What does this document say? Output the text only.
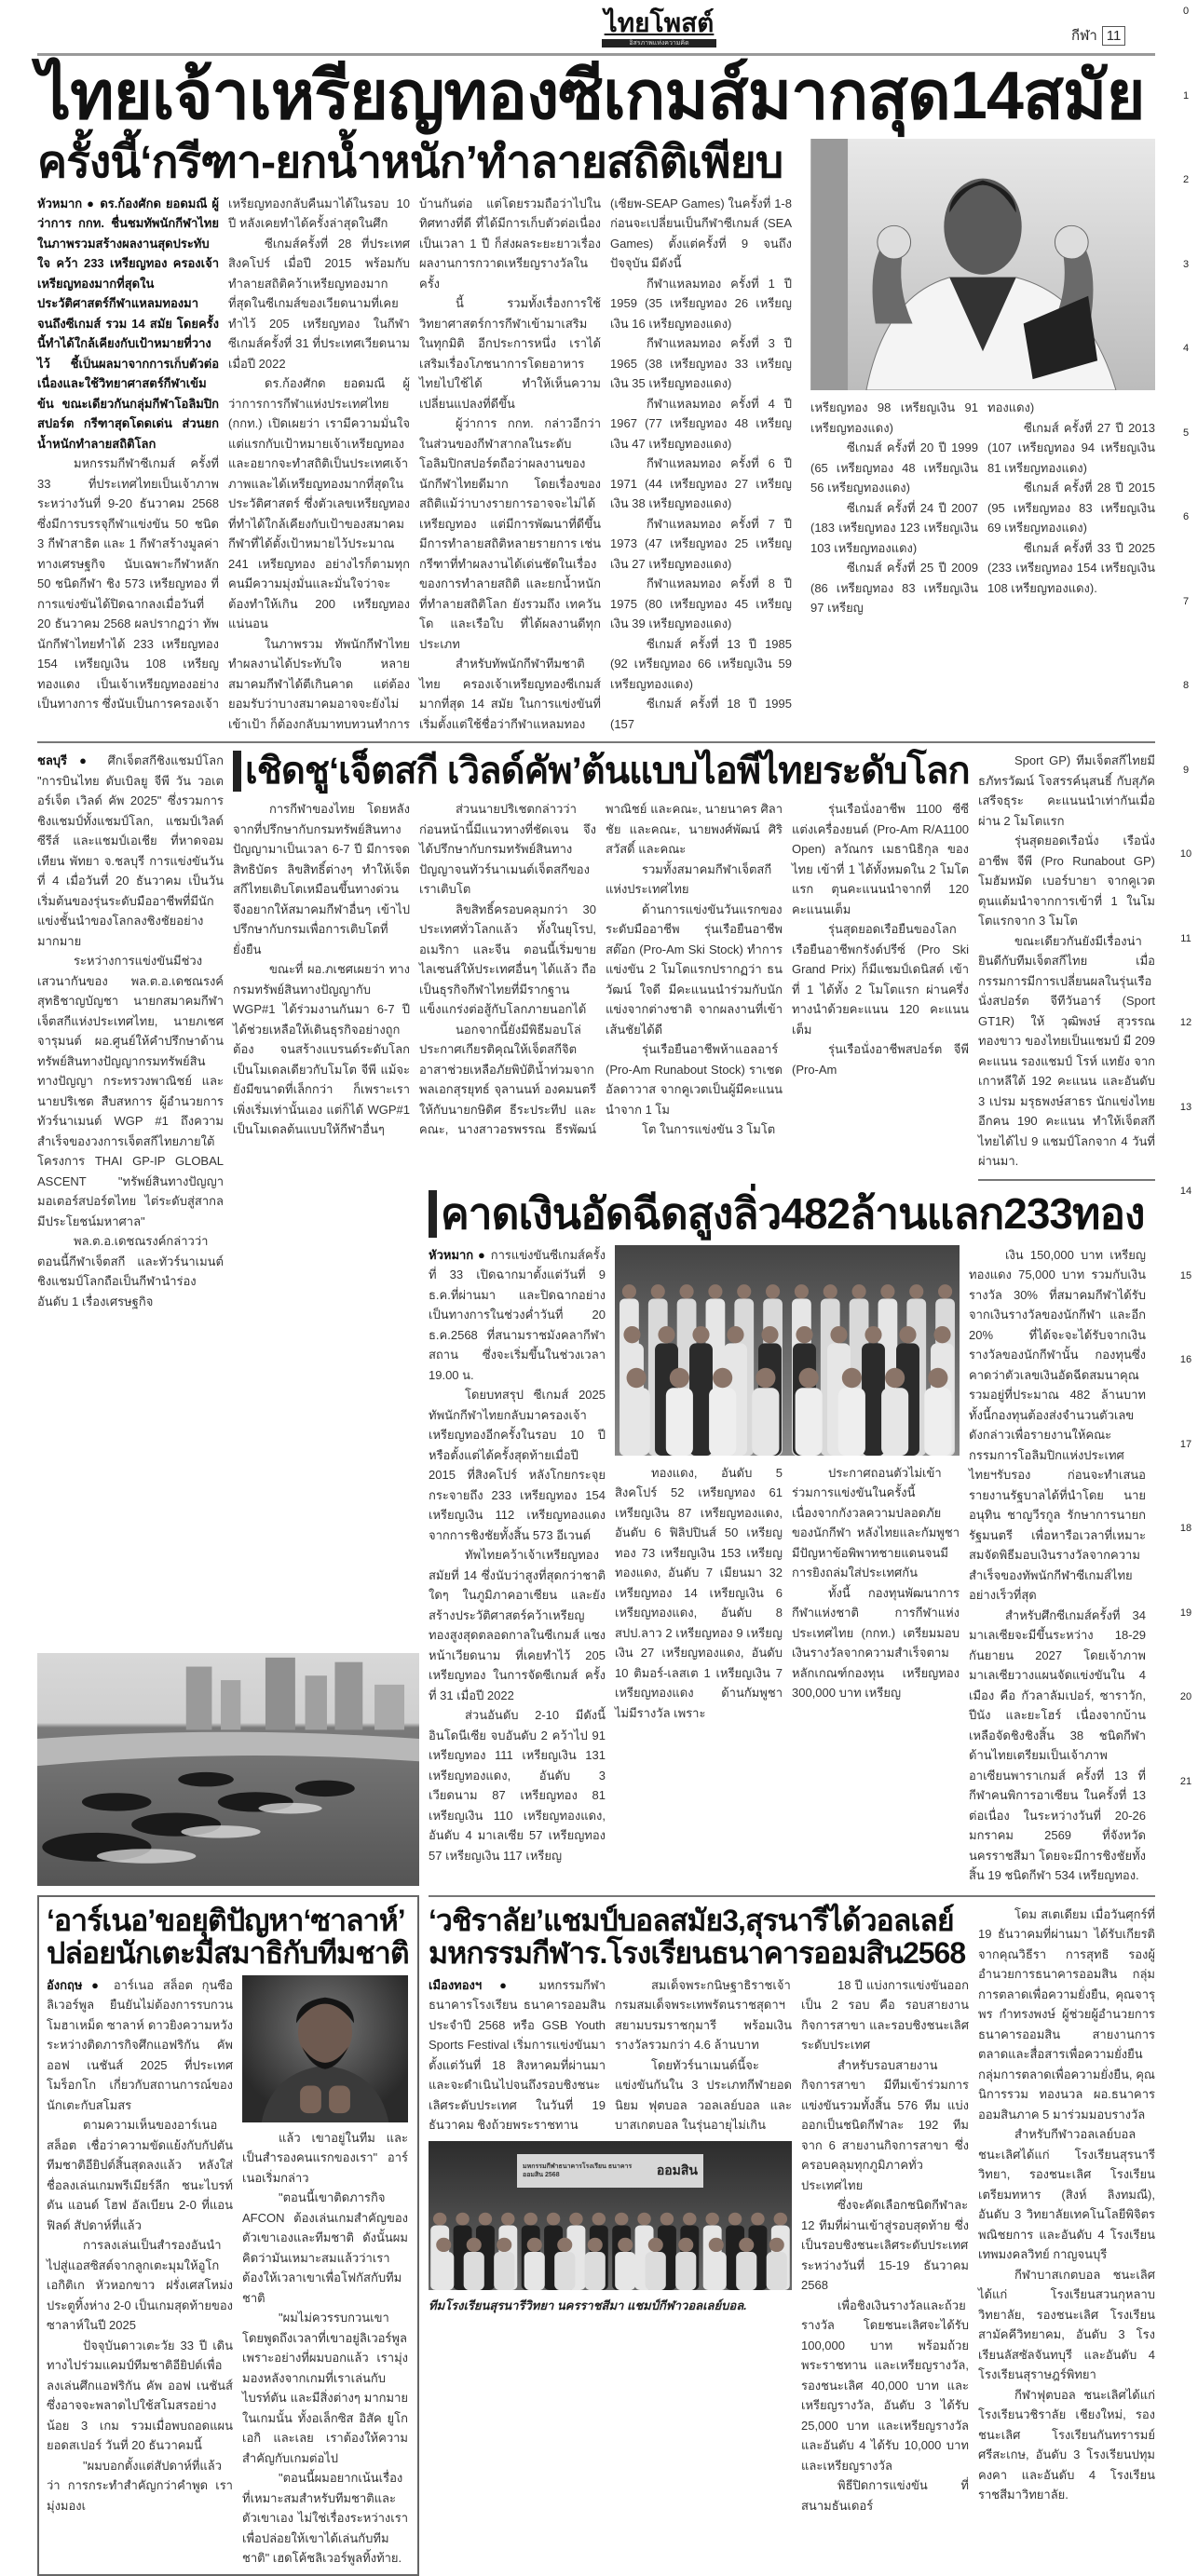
0
1
2
3
4
5
6
7
8
9
10
11
12
13
14
15
16
17
18
19
20
21
ไทยโพสต์
อิสรภาพแห่งความคิด	กีฬา 11
ไทยเจ้าเหรียญทองซีเกมส์มากสุด14สมัย
ครั้งนี้‘กรีฑา-ยกน้ำหนัก’ทำลายสถิติเพียบ

หัวหมาก ● ดร.ก้องศักด ยอดมณี ผู้ว่าการ กกท. ชื่นชมทัพนักกีฬาไทยในภาพรวมสร้างผลงานสุดประทับใจ คว้า 233 เหรียญทอง ครองเจ้าเหรียญทองมากที่สุดในประวัติศาสตร์กีฬาแหลมทองมาจนถึงซีเกมส์ รวม 14 สมัย โดยครั้งนี้ทำได้ใกล้เคียงกับเป้าหมายที่วางไว้ ชี้เป็นผลมาจากการเก็บตัวต่อเนื่องและใช้วิทยาศาสตร์กีฬาเข้มข้น ขณะเดียวกันกลุ่มกีฬาโอลิมปิกสปอร์ต กรีฑาสุดโดดเด่น ส่วนยกน้ำหนักทำลายสถิติโลก

มหกรรมกีฬาซีเกมส์ ครั้งที่ 33 ที่ประเทศไทยเป็นเจ้าภาพ ระหว่างวันที่ 9-20 ธันวาคม 2568 ซึ่งมีการบรรจุกีฬาแข่งขัน 50 ชนิด 3 กีฬาสาธิต และ 1 กีฬาสร้างมูลค่าทางเศรษฐกิจ นับเฉพาะกีฬาหลัก 50 ชนิดกีฬา ชิง 573 เหรียญทอง ที่การแข่งขันได้ปิดฉากลงเมื่อวันที่ 20 ธันวาคม 2568 ผลปรากฏว่า ทัพนักกีฬาไทยทำได้ 233 เหรียญทอง 154 เหรียญเงิน 108 เหรียญทองแดง เป็นเจ้าเหรียญทองอย่างเป็นทางการ ซึ่งนับเป็นการครองเจ้าเหรียญทองกลับคืนมาได้ในรอบ 10 ปี หลังเคยทำได้ครั้งล่าสุดในศึก

ซีเกมส์ครั้งที่ 28 ที่ประเทศสิงคโปร์ เมื่อปี 2015 พร้อมกับทำลายสถิติคว้าเหรียญทองมากที่สุดในซีเกมส์ของเวียดนามที่เคยทำไว้ 205 เหรียญทอง ในกีฬาซีเกมส์ครั้งที่ 31 ที่ประเทศเวียดนาม เมื่อปี 2022

ดร.ก้องศักด ยอดมณี ผู้ว่าการการกีฬาแห่งประเทศไทย (กกท.) เปิดเผยว่า เรามีความมั่นใจแต่แรกกับเป้าหมายเจ้าเหรียญทอง และอยากจะทำสถิติเป็นประเทศเจ้าภาพและได้เหรียญทองมากที่สุดในประวัติศาสตร์ ซึ่งตัวเลขเหรียญทองที่ทำได้ใกล้เคียงกับเป้าของสมาคมกีฬาที่ได้ตั้งเป้าหมายไว้ประมาณ 241 เหรียญทอง อย่างไรก็ตามทุกคนมีความมุ่งมั่นและมั่นใจว่าจะต้องทำให้เกิน 200 เหรียญทองแน่นอน

ในภาพรวม ทัพนักกีฬาไทยทำผลงานได้ประทับใจ หลายสมาคมกีฬาได้ตีเกินคาด แต่ต้องยอมรับว่าบางสมาคมอาจจะยังไม่เข้าเป้า ก็ต้องกลับมาทบทวนทำการบ้านกันต่อ แต่โดยรวมถือว่าไปในทิศทางที่ดี ที่ได้มีการเก็บตัวต่อเนื่องเป็นเวลา 1 ปี ก็ส่งผลระยะยาวเรื่องผลงานการกวาดเหรียญรางวัลในครั้ง

นี้ รวมทั้งเรื่องการใช้วิทยาศาสตร์การกีฬาเข้ามาเสริมในทุกมิติ อีกประการหนึ่ง เราได้เสริมเรื่องโภชนาการโดยอาหารไทยไปใช้ได้ ทำให้เห็นความเปลี่ยนแปลงที่ดีขึ้น

ผู้ว่าการ กกท. กล่าวอีกว่า ในส่วนของกีฬาสากลในระดับโอลิมปิกสปอร์ตถือว่าผลงานของนักกีฬาไทยดีมาก โดยเรื่องของสถิติแม้ว่าบางรายการอาจจะไม่ได้เหรียญทอง แต่มีการพัฒนาที่ดีขึ้น มีการทำลายสถิติหลายรายการ เช่น กรีฑาที่ทำผลงานได้เด่นชัดในเรื่องของการทำลายสถิติ และยกน้ำหนักที่ทำลายสถิติโลก ยังรวมถึง เทควันโด และเรือใบ ที่ได้ผลงานดีทุกประเภท

สำหรับทัพนักกีฬาทีมชาติไทย ครองเจ้าเหรียญทองซีเกมส์มากที่สุด 14 สมัย ในการแข่งขันที่เริ่มตั้งแต่ใช้ชื่อว่ากีฬาแหลมทอง (เซียพ-SEAP Games) ในครั้งที่ 1-8 ก่อนจะเปลี่ยนเป็นกีฬาซีเกมส์ (SEA Games) ตั้งแต่ครั้งที่ 9 จนถึงปัจจุบัน มีดังนี้

กีฬาแหลมทอง ครั้งที่ 1 ปี 1959 (35 เหรียญทอง 26 เหรียญเงิน 16 เหรียญทองแดง)

กีฬาแหลมทอง ครั้งที่ 3 ปี 1965 (38 เหรียญทอง 33 เหรียญเงิน 35 เหรียญทองแดง)

กีฬาแหลมทอง ครั้งที่ 4 ปี 1967 (77 เหรียญทอง 48 เหรียญเงิน 47 เหรียญทองแดง)

กีฬาแหลมทอง ครั้งที่ 6 ปี 1971 (44 เหรียญทอง 27 เหรียญเงิน 38 เหรียญทองแดง)

กีฬาแหลมทอง ครั้งที่ 7 ปี 1973 (47 เหรียญทอง 25 เหรียญเงิน 27 เหรียญทองแดง)

กีฬาแหลมทอง ครั้งที่ 8 ปี 1975 (80 เหรียญทอง 45 เหรียญเงิน 39 เหรียญทองแดง)

ซีเกมส์ ครั้งที่ 13 ปี 1985 (92 เหรียญทอง 66 เหรียญเงิน 59 เหรียญทองแดง)

ซีเกมส์ ครั้งที่ 18 ปี 1995 (157

เหรียญทอง 98 เหรียญเงิน 91 เหรียญทองแดง)

ซีเกมส์ ครั้งที่ 20 ปี 1999 (65 เหรียญทอง 48 เหรียญเงิน 56 เหรียญทองแดง)

ซีเกมส์ ครั้งที่ 24 ปี 2007 (183 เหรียญทอง 123 เหรียญเงิน 103 เหรียญทองแดง)

ซีเกมส์ ครั้งที่ 25 ปี 2009 (86 เหรียญทอง 83 เหรียญเงิน 97 เหรียญ

ทองแดง)

ซีเกมส์ ครั้งที่ 27 ปี 2013 (107 เหรียญทอง 94 เหรียญเงิน 81 เหรียญทองแดง)

ซีเกมส์ ครั้งที่ 28 ปี 2015 (95 เหรียญทอง 83 เหรียญเงิน 69 เหรียญทองแดง)

ซีเกมส์ ครั้งที่ 33 ปี 2025 (233 เหรียญทอง 154 เหรียญเงิน 108 เหรียญทองแดง).

ชลบุรี ● ศึกเจ็ตสกีชิงแชมป์โลก "การบินไทย ดับเบิลยู จีพี วัน วอเตอร์เจ็ต เวิลด์ คัพ 2025" ซึ่งรวมการชิงแชมป์ทั้งแชมป์โลก, แชมป์เวิลด์ ซีรีส์ และแชมป์เอเชีย ที่หาดจอมเทียน พัทยา จ.ชลบุรี การแข่งขันวันที่ 4 เมื่อวันที่ 20 ธันวาคม เป็นวันเริ่มต้นของรุ่นระดับมืออาชีพที่มีนักแข่งชั้นนำของโลกลงชิงชัยอย่างมากมาย

ระหว่างการแข่งขันมีช่วงเสวนากันของ พล.ต.อ.เดชณรงค์ สุทธิชาญบัญชา นายกสมาคมกีฬาเจ็ตสกีแห่งประเทศไทย, นายภเชศ จารุมนต์ ผอ.ศูนย์ให้คำปรึกษาด้านทรัพย์สินทางปัญญากรมทรัพย์สินทางปัญญา กระทรวงพาณิชย์ และนายปริเชต สืบสหการ ผู้อำนวยการทัวร์นาเมนต์ WGP #1 ถึงความ สำเร็จของวงการเจ็ตสกีไทยภายใต้โครงการ THAI GP-IP GLOBAL ASCENT "ทรัพย์สินทางปัญญามอเตอร์สปอร์ตไทย ไต่ระดับสู่สากล มีประโยชน์มหาศาล"

พล.ต.อ.เดชณรงค์กล่าวว่า ตอนนี้กีฬาเจ็ตสกี และทัวร์นาเมนต์ชิงแชมป์โลกถือเป็นกีฬานำร่องอันดับ 1 เรื่องเศรษฐกิจ

เชิดชู‘เจ็ตสกี เวิลด์คัพ’ต้นแบบไอพีไทยระดับโลก

การกีฬาของไทย โดยหลังจากที่ปรึกษากับกรมทรัพย์สินทางปัญญามาเป็นเวลา 6-7 ปี มีการจดสิทธิบัตร ลิขสิทธิ์ต่างๆ ทำให้เจ็ตสกีไทยเติบโตเหมือนขึ้นทางด่วน จึงอยากให้สมาคมกีฬาอื่นๆ เข้าไปปรึกษากับกรมเพื่อการเติบโตที่ยั่งยืน

ขณะที่ ผอ.ภเชศเผยว่า ทางกรมทรัพย์สินทางปัญญากับ WGP#1 ได้ร่วมงานกันมา 6-7 ปี ได้ช่วยเหลือให้เดินธุรกิจอย่างถูกต้อง จนสร้างแบรนด์ระดับโลก เป็นโมเดลเดียวกับโมโต จีพี แม้จะยังมีขนาดที่เล็กกว่า ก็เพราะเราเพิ่งเริ่มเท่านั้นเอง แต่ก็ได้ WGP#1 เป็นโมเดลต้นแบบให้กีฬาอื่นๆ

ส่วนนายปริเชตกล่าวว่า ก่อนหน้านี้มีแนวทางที่ชัดเจน จึงได้ปรึกษากับกรมทรัพย์สินทางปัญญาจนทัวร์นาเมนต์เจ็ตสกีของเราเติบโต

ลิขสิทธิ์ครอบคลุมกว่า 30 ประเทศทั่วโลกแล้ว ทั้งในยุโรป, อเมริกา และจีน ตอนนี้เริ่มขายไลเซนส์ให้ประเทศอื่นๆ ได้แล้ว ถือเป็นธุรกิจกีฬาไทยที่มีรากฐานแข็งแกร่งต่อสู้กับโลกภายนอกได้

นอกจากนี้ยังมีพิธีมอบโล่ประกาศเกียรติคุณให้เจ็ตสกีจิตอาสาช่วยเหลือภัยพิบัติน้ำท่วมจากพลเอกสุรยุทธ์ จุลานนท์ องคมนตรี ให้กับนายกษิดิศ ธีระประทีป และคณะ, นางสาวอรพรรณ ธีรพัฒน์พาณิชย์ และคณะ, นายนาคร ศิลาชัย และคณะ, นายพงศ์พัฒน์ ศิริสวัสดิ์ และคณะ

รวมทั้งสมาคมกีฬาเจ็ตสกีแห่งประเทศไทย

ด้านการแข่งขันวันแรกของระดับมืออาชีพ รุ่นเรือยืนอาชีพสต๊อก (Pro-Am Ski Stock) ทำการแข่งขัน 2 โมโตแรกปรากฏว่า ธนวัฒน์ ใจดี มีคะแนนนำร่วมกับนักแข่งจากต่างชาติ จากผลงานที่เข้าเส้นชัยได้ดี

รุ่นเรือยืนอาชีพห้าแอลอาร์ (Pro-Am Runabout Stock) ราเชด อัลดาวาส จากคูเวตเป็นผู้มีคะแนนนำจาก 1 โม

โต ในการแข่งขัน 3 โมโต

รุ่นเรือนั่งอาชีพ 1100 ซีซี แต่งเครื่องยนต์ (Pro-Am R/A1100 Open) ลวัณกร เมธานิธิกุล ของไทย เข้าที่ 1 ได้ทั้งหมดใน 2 โมโตแรก ตุนคะแนนนำจากที่ 120 คะแนนเต็ม

รุ่นสุดยอดเรือยืนของโลก เรือยืนอาชีพกรังด์ปรีซ์ (Pro Ski Grand Prix) ก็มีแชมป์เดนิสต์ เข้าที่ 1 ได้ทั้ง 2 โมโตแรก ผ่านครึ่งทางนำด้วยคะแนน 120 คะแนนเต็ม

รุ่นเรือนั่งอาชีพสปอร์ต จีพี (Pro-Am

Sport GP) ทีมเจ็ตสกีไทยมี ธภัทรวัฒน์ โจสรรค์นุสนธิ์ กับสุภัค เสรีจธุระ คะแนนนำเท่ากันเมื่อผ่าน 2 โมโตแรก

รุ่นสุดยอดเรือนั่ง เรือนั่งอาชีพ จีพี (Pro Runabout GP) โมฮัมหมัด เบอร์บายา จากคูเวต ตุนแต้มนำจากการเข้าที่ 1 ในโมโตแรกจาก 3 โมโต

ขณะเดียวกันยังมีเรื่องน่ายินดีกับทีมเจ็ตสกีไทย เมื่อกรรมการมีการเปลี่ยนผลในรุ่นเรือนั่งสปอร์ต จีทีวันอาร์ (Sport GT1R) ให้ วุฒิพงษ์ สุวรรณทองขาว ของไทยเป็นแชมป์ มี 209 คะแนน รองแชมป์ โรห์ แทยัง จากเกาหลีใต้ 192 คะแนน และอันดับ 3 เปรม มรุธพงษ์สาธร นักแข่งไทยอีกคน 190 คะแนน ทำให้เจ็ตสกีไทยได้ไป 9 แชมป์โลกจาก 4 วันที่ผ่านมา.

คาดเงินอัดฉีดสูงลิ่ว482ล้านแลก233ทอง

หัวหมาก ● การแข่งขันซีเกมส์ครั้งที่ 33 เปิดฉากมาตั้งแต่วันที่ 9 ธ.ค.ที่ผ่านมา และปิดฉากอย่างเป็นทางการในช่วงค่ำวันที่ 20 ธ.ค.2568 ที่สนามราชมังคลากีฬาสถาน ซึ่งจะเริ่มขึ้นในช่วงเวลา 19.00 น.

โดยบทสรุป ซีเกมส์ 2025 ทัพนักกีฬาไทยกลับมาครองเจ้าเหรียญทองอีกครั้งในรอบ 10 ปี หรือตั้งแต่ได้ครั้งสุดท้ายเมื่อปี 2015 ที่สิงคโปร์ หลังโกยกระจุยกระจายถึง 233 เหรียญทอง 154 เหรียญเงิน 112 เหรียญทองแดง จากการชิงชัยทั้งสิ้น 573 อีเวนต์

ทัพไทยคว้าเจ้าเหรียญทองสมัยที่ 14 ซึ่งนับว่าสูงที่สุดกว่าชาติใดๆ ในภูมิภาคอาเซียน และยังสร้างประวัติศาสตร์คว้าเหรียญทองสูงสุดตลอดกาลในซีเกมส์ แซงหน้าเวียดนาม ที่เคยทำไว้ 205 เหรียญทอง ในการจัดซีเกมส์ ครั้งที่ 31 เมื่อปี 2022

ส่วนอันดับ 2-10 มีดังนี้ อินโดนีเซีย จบอันดับ 2 คว้าไป 91 เหรียญทอง 111 เหรียญเงิน 131 เหรียญทองแดง, อันดับ 3 เวียดนาม 87 เหรียญทอง 81 เหรียญเงิน 110 เหรียญทองแดง, อันดับ 4 มาเลเซีย 57 เหรียญทอง 57 เหรียญเงิน 117 เหรียญ

ทองแดง, อันดับ 5 สิงคโปร์ 52 เหรียญทอง 61 เหรียญเงิน 87 เหรียญทองแดง, อันดับ 6 ฟิลิปปินส์ 50 เหรียญทอง 73 เหรียญเงิน 153 เหรียญทองแดง, อันดับ 7 เมียนมา 32 เหรียญทอง 14 เหรียญเงิน 6 เหรียญทองแดง, อันดับ 8 สปป.ลาว 2 เหรียญทอง 9 เหรียญเงิน 27 เหรียญทองแดง, อันดับ 10 ติมอร์-เลสเต 1 เหรียญเงิน 7 เหรียญทองแดง ด้านกัมพูชา ไม่มีรางวัล เพราะ

ประกาศถอนตัวไม่เข้าร่วมการแข่งขันในครั้งนี้ เนื่องจากกังวลความปลอดภัยของนักกีฬา หลังไทยและกัมพูชามีปัญหาข้อพิพาทชายแดนจนมีการยิงถล่มใส่ประเทศกัน

ทั้งนี้ กองทุนพัฒนาการกีฬาแห่งชาติ การกีฬาแห่งประเทศไทย (กกท.) เตรียมมอบเงินรางวัลจากความสำเร็จตามหลักเกณฑ์กองทุน เหรียญทอง 300,000 บาท เหรียญ

เงิน 150,000 บาท เหรียญทองแดง 75,000 บาท รวมกับเงินรางวัล 30% ที่สมาคมกีฬาได้รับจากเงินรางวัลของนักกีฬา และอีก 20% ที่ได้จะจะได้รับจากเงินรางวัลของนักกีฬานั้น กองทุนซึ่งคาดว่าตัวเลขเงินอัดฉีดสมนาคุณรวมอยู่ที่ประมาณ 482 ล้านบาท ทั้งนี้กองทุนต้องส่งจำนวนตัวเลขดังกล่าวเพื่อรายงานให้คณะกรรมการโอลิมปิกแห่งประเทศไทยฯรับรอง ก่อนจะทำเสนอรายงานรัฐบาลได้ที่นำโดย นายอนุทิน ชาญวีรกูล รักษาการนายกรัฐมนตรี เพื่อหารือเวลาที่เหมาะสมจัดพิธีมอบเงินรางวัลจากความสำเร็จของทัพนักกีฬาซีเกมส์ไทยอย่างเร็วที่สุด

สำหรับศึกซีเกมส์ครั้งที่ 34 มาเลเซียจะมีขึ้นระหว่าง 18-29 กันยายน 2027 โดยเจ้าภาพมาเลเซียวางแผนจัดแข่งขันใน 4 เมือง คือ กัวลาลัมเปอร์, ซาราวัก, ปีนัง และยะโฮร์ เนื่องจากบ้านเหลือจัดชิงชิงสิ้น 38 ชนิดกีฬา ด้านไทยเตรียมเป็นเจ้าภาพอาเซียนพาราเกมส์ ครั้งที่ 13 ที่กีฬาคนพิการอาเซียน ในครั้งที่ 13 ต่อเนื่อง ในระหว่างวันที่ 20-26 มกราคม 2569 ที่จังหวัดนครราชสีมา โดยจะมีการชิงชัยทั้งสิ้น 19 ชนิดกีฬา 534 เหรียญทอง.

‘อาร์เนอ’ขอยุติปัญหา‘ซาลาห์’
ปล่อยนักเตะมีสมาธิกับทีมชาติ

อังกฤษ ● อาร์เนอ สล็อต กุนซือลิเวอร์พูล ยืนยันไม่ต้องการรบกวน โมฮาเหม็ด ซาลาห์ ดาวยิงความหวัง ระหว่างติดภารกิจศึกแอฟริกัน คัพ ออฟ เนชันส์ 2025 ที่ประเทศโมร็อกโก เกี่ยวกับสถานการณ์ของนักเตะกับสโมสร

ตามความเห็นของอาร์เนอ สล็อต เชื่อว่าความขัดแย้งกับกัปตันทีมชาติอียิปต์สิ้นสุดลงแล้ว หลังใส่ชื่อลงเล่นเกมพรีเมียร์ลีก ชนะไบรท์ตัน แอนด์ โฮฟ อัลเบียน 2-0 ที่แอนฟิลด์ สัปดาห์ที่แล้ว

การลงเล่นเป็นสำรองอันนำไปสู่แอสซิสต์จากลูกเตะมุมให้อูโก เอกิติเก หัวหอกขาว ฝรั่งเศสโหม่งประตูทิ้งห่าง 2-0 เป็นเกมสุดท้ายของซาลาห์ในปี 2025

ปัจจุบันดาวเตะวัย 33 ปี เดินทางไปร่วมแคมป์ทีมชาติอียิปต์เพื่อลงเล่นศึกแอฟริกัน คัพ ออฟ เนชันส์ ซึ่งอาจจะพลาดไปใช้สโมสรอย่างน้อย 3 เกม รวมเมื่อพบถอดแผน ยอดสเปอร์ วันที่ 20 ธันวาคมนี้

"ผมบอกตั้งแต่สัปดาห์ที่แล้วว่า การกระทำสำคัญกว่าคำพูด เรามุ่งมองเ

แล้ว เขาอยู่ในทีม และเป็นสำรองคนแรกของเรา" อาร์เนอเริ่มกล่าว

"ตอนนี้เขาติดภารกิจ AFCON ต้องเล่นเกมสำคัญของตัวเขาเองและทีมชาติ ดังนั้นผมคิดว่ามันเหมาะสมแล้วว่าเราต้องให้เวลาเขาเพื่อโฟกัสกับทีมชาติ

"ผมไม่ควรรบกวนเขาโดยพูดถึงเวลาที่เขาอยู่ลิเวอร์พูล เพราะอย่างที่ผมบอกแล้ว เรามุ่งมองหลังจากเกมที่เราเล่นกับไบรท์ตัน และมีสิ่งต่างๆ มากมายในเกมนั้น ทั้งอเล็กซิส อิสัค ยูโกเอกิ และเลย เราต้องให้ความสำคัญกับเกมต่อไป

"ตอนนี้ผมอยากเน้นเรื่องที่เหมาะสมสำหรับทีมชาติและตัวเขาเอง ไม่ใช่เรื่องระหว่างเรา เพื่อปล่อยให้เขาได้เล่นกับทีมชาติ" เฮดโค้ชลิเวอร์พูลทิ้งท้าย.

‘วชิราลัย’แชมป์บอลสมัย3,สุรนารีได้วอลเลย์
มหกรรมกีฬาร.โรงเรียนธนาคารออมสิน2568

เมืองทองฯ ● มหกรรมกีฬาธนาคารโรงเรียน ธนาคารออมสิน ประจำปี 2568 หรือ GSB Youth Sports Festival เริ่มการแข่งขันมาตั้งแต่วันที่ 18 สิงหาคมที่ผ่านมา และจะดำเนินไปจนถึงรอบชิงชนะเลิศระดับประเทศ ในวันที่ 19 ธันวาคม ชิงถ้วยพระราชทาน

สมเด็จพระกนิษฐาธิราชเจ้า กรมสมเด็จพระเทพรัตนราชสุดาฯ สยามบรมราชกุมารี พร้อมเงินรางวัลรวมกว่า 4.6 ล้านบาท

โดยทัวร์นาเมนต์นี้จะแข่งขันกันใน 3 ประเภทกีฬายอดนิยม ฟุตบอล วอลเลย์บอล และบาสเกตบอล ในรุ่นอายุไม่เกิน

มหกรรมกีฬาธนาคารโรงเรียน ธนาคารออมสิน 2568	ออมสิน
ทีมโรงเรียนสุรนารีวิทยา นครราชสีมา แชมป์กีฬาวอลเลย์บอล.

18 ปี แบ่งการแข่งขันออกเป็น 2 รอบ คือ รอบสายงานกิจการสาขา และรอบชิงชนะเลิศระดับประเทศ

สำหรับรอบสายงานกิจการสาขา มีทีมเข้าร่วมการแข่งขันรวมทั้งสิ้น 576 ทีม แบ่งออกเป็นชนิดกีฬาละ 192 ทีม จาก 6 สายงานกิจการสาขา ซึ่งครอบคลุมทุกภูมิภาคทั่วประเทศไทย

ซึ่งจะคัดเลือกชนิดกีฬาละ 12 ทีมที่ผ่านเข้าสู่รอบสุดท้าย ซึ่งเป็นรอบชิงชนะเลิศระดับประเทศ ระหว่างวันที่ 15-19 ธันวาคม 2568

เพื่อชิงเงินรางวัลและถ้วยรางวัล โดยชนะเลิศจะได้รับ 100,000 บาท พร้อมถ้วยพระราชทาน และเหรียญรางวัล, รองชนะเลิศ 40,000 บาท และเหรียญรางวัล, อันดับ 3 ได้รับ 25,000 บาท และเหรียญรางวัล และอันดับ 4 ได้รับ 10,000 บาท และเหรียญรางวัล

พิธีปิดการแข่งขัน ที่สนามธันเดอร์

โดม สเตเดียม เมื่อวันศุกร์ที่ 19 ธันวาคมที่ผ่านมา ได้รับเกียรติจากคุณวิธีรา การสุทธิ รองผู้อำนวยการธนาคารออมสิน กลุ่มการตลาดเพื่อความยั่งยืน, คุณจารุพร กำทรงพงษ์ ผู้ช่วยผู้อำนวยการธนาคารออมสิน สายงานการตลาดและสื่อสารเพื่อความยั่งยืน กลุ่มการตลาดเพื่อความยั่งยืน, คุณนิการรวม ทองนวล ผอ.ธนาคารออมสินภาค 5 มาร่วมมอบรางวัล

สำหรับกีฬาวอลเลย์บอล ชนะเลิศได้แก่ โรงเรียนสุรนารีวิทยา, รองชนะเลิศ โรงเรียนเตรียมทหาร (สิงห์ ลิงทมณี), อันดับ 3 วิทยาลัยเทคโนโลยีพิจิตรพณิชยการ และอันดับ 4 โรงเรียนเทพมงคลวิทย์ กาญจนบุรี

กีฬาบาสเกตบอล ชนะเลิศได้แก่ โรงเรียนสวนกุหลาบวิทยาลัย, รองชนะเลิศ โรงเรียนสามัคคีวิทยาคม, อันดับ 3 โรงเรียนลัสซัลจันทบุรี และอันดับ 4 โรงเรียนสุราษฎร์พิทยา

กีฬาฟุตบอล ชนะเลิศได้แก่ โรงเรียนวชิราลัย เชียงใหม่, รองชนะเลิศ โรงเรียนกันทรารมย์ ศรีสะเกษ, อันดับ 3 โรงเรียนปทุมคงคา และอันดับ 4 โรงเรียนราชสีมาวิทยาลัย.
